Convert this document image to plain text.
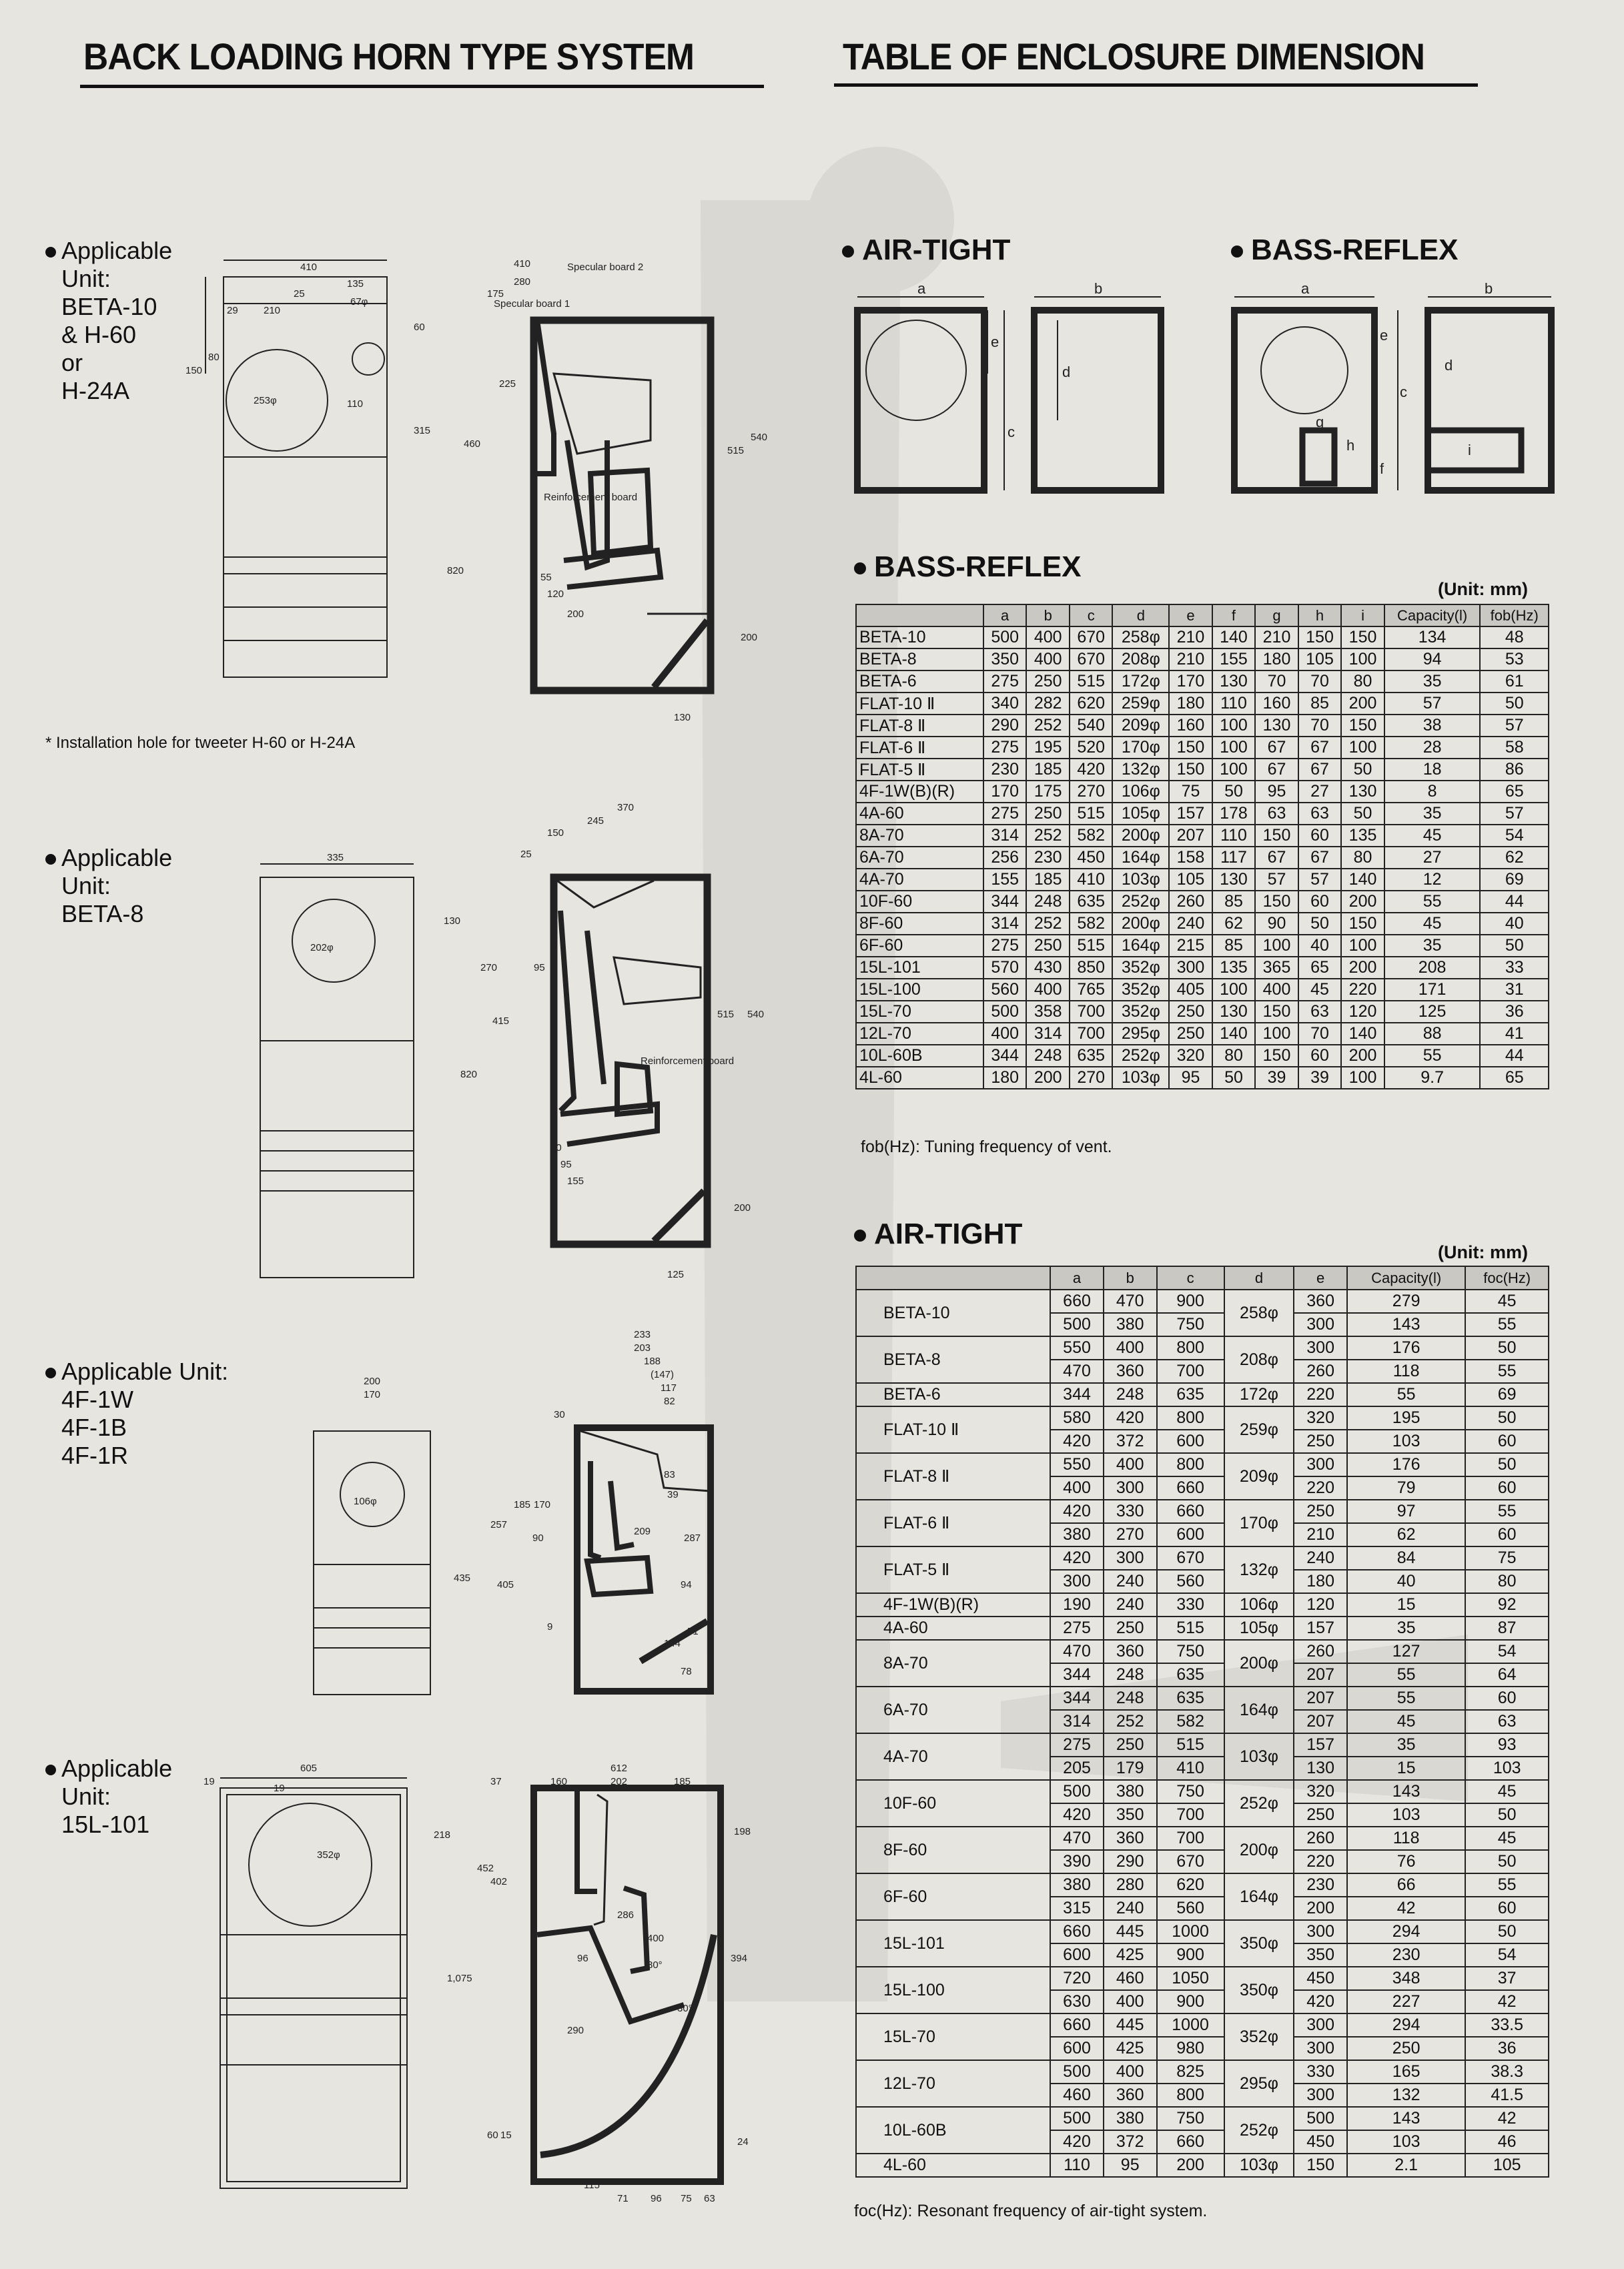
BACK LOADING HORN TYPE SYSTEM	TABLE OF ENCLOSURE DIMENSION
Applicable
Unit:
BETA-10
& H-60
or
H-24A
* Installation hole for tweeter H-60 or H-24A
Applicable
Unit:
BETA-8
Applicable Unit:
4F-1W
4F-1B
4F-1R
Applicable
Unit:
15L-101
410
135
25
29	210
80
150
67φ
253φ	110
60
315
460
820
410	Specular board 2
280
175
Specular board 1
225
540
515
Reinforcement board
55
120
200
200
130
335
202φ
370
245
150
25
130
95
415
820
270
515 540
Reinforcement board
40
95
155
200
125
200
170
106φ
233
203
188
(147)
117
82
30
185
257
170
90
435
405
209
83
39
287
94
51
144
78
9
605
19
19
352φ
612
160	202	185
37
218
452
402
1,075
286
400
96
80°
30°
290
394
198
115
71 96 75 63
60 15
24
AIR-TIGHT	BASS-REFLEX
a	b
c
d
e
a	b
c
d
e
f
g
h	i
BASS-REFLEX
(Unit: mm)
	a	b	c	d	e	f	g	h	i	Capacity(l)	fob(Hz)
BETA-10	500	400	670	258φ	210	140	210	150	150	134	48
BETA-8	350	400	670	208φ	210	155	180	105	100	94	53
BETA-6	275	250	515	172φ	170	130	70	70	80	35	61
FLAT-10 Ⅱ	340	282	620	259φ	180	110	160	85	200	57	50
FLAT-8 Ⅱ	290	252	540	209φ	160	100	130	70	150	38	57
FLAT-6 Ⅱ	275	195	520	170φ	150	100	67	67	100	28	58
FLAT-5 Ⅱ	230	185	420	132φ	150	100	67	67	50	18	86
4F-1W(B)(R)	170	175	270	106φ	75	50	95	27	130	8	65
4A-60	275	250	515	105φ	157	178	63	63	50	35	57
8A-70	314	252	582	200φ	207	110	150	60	135	45	54
6A-70	256	230	450	164φ	158	117	67	67	80	27	62
4A-70	155	185	410	103φ	105	130	57	57	140	12	69
10F-60	344	248	635	252φ	260	85	150	60	200	55	44
8F-60	314	252	582	200φ	240	62	90	50	150	45	40
6F-60	275	250	515	164φ	215	85	100	40	100	35	50
15L-101	570	430	850	352φ	300	135	365	65	200	208	33
15L-100	560	400	765	352φ	405	100	400	45	220	171	31
15L-70	500	358	700	352φ	250	130	150	63	120	125	36
12L-70	400	314	700	295φ	250	140	100	70	140	88	41
10L-60B	344	248	635	252φ	320	80	150	60	200	55	44
4L-60	180	200	270	103φ	95	50	39	39	100	9.7	65
fob(Hz): Tuning frequency of vent.
AIR-TIGHT
(Unit: mm)
	a	b	c	d	e	Capacity(l)	foc(Hz)
BETA-10	660	470	900	258φ	360	279	45
	500	380	750		300	143	55
BETA-8	550	400	800	208φ	300	176	50
	470	360	700		260	118	55
BETA-6	344	248	635	172φ	220	55	69
FLAT-10 Ⅱ	580	420	800	259φ	320	195	50
	420	372	600		250	103	60
FLAT-8 Ⅱ	550	400	800	209φ	300	176	50
	400	300	660		220	79	60
FLAT-6 Ⅱ	420	330	660	170φ	250	97	55
	380	270	600		210	62	60
FLAT-5 Ⅱ	420	300	670	132φ	240	84	75
	300	240	560		180	40	80
4F-1W(B)(R)	190	240	330	106φ	120	15	92
4A-60	275	250	515	105φ	157	35	87
8A-70	470	360	750	200φ	260	127	54
	344	248	635		207	55	64
6A-70	344	248	635	164φ	207	55	60
	314	252	582		207	45	63
4A-70	275	250	515	103φ	157	35	93
	205	179	410		130	15	103
10F-60	500	380	750	252φ	320	143	45
	420	350	700		250	103	50
8F-60	470	360	700	200φ	260	118	45
	390	290	670		220	76	50
6F-60	380	280	620	164φ	230	66	55
	315	240	560		200	42	60
15L-101	660	445	1000	350φ	300	294	50
	600	425	900		350	230	54
15L-100	720	460	1050	350φ	450	348	37
	630	400	900		420	227	42
15L-70	660	445	1000	352φ	300	294	33.5
	600	425	980		300	250	36
12L-70	500	400	825	295φ	330	165	38.3
	460	360	800		300	132	41.5
10L-60B	500	380	750	252φ	500	143	42
	420	372	660		450	103	46
4L-60	110	95	200	103φ	150	2.1	105
foc(Hz): Resonant frequency of air-tight system.
